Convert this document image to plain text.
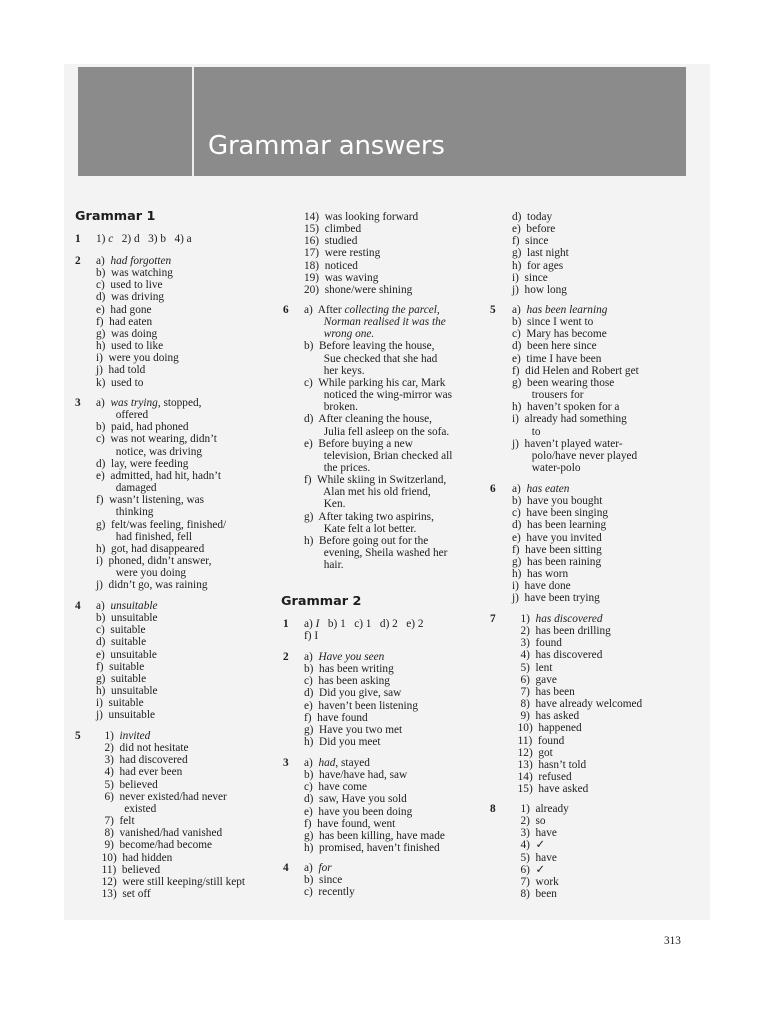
Grammar answers
Grammar 1
1 1) c   2) d   3) b   4) a
2 a)  had forgotten
b)  was watching
c)  used to live
d)  was driving
e)  had gone
f)  had eaten
g)  was doing
h)  used to like
i)  were you doing
j)  had told
k)  used to
3 a)  was trying, stopped,
offered
b)  paid, had phoned
c)  was not wearing, didn’t
notice, was driving
d)  lay, were feeding
e)  admitted, had hit, hadn’t
damaged
f)  wasn’t listening, was
thinking
g)  felt/was feeling, finished/
had finished, fell
h)  got, had disappeared
i)  phoned, didn’t answer,
were you doing
j)  didn’t go, was raining
4 a)  unsuitable
b)  unsuitable
c)  suitable
d)  suitable
e)  unsuitable
f)  suitable
g)  suitable
h)  unsuitable
i)  suitable
j)  unsuitable
5 1)  invited
2)  did not hesitate
3)  had discovered
4)  had ever been
5)  believed
6)  never existed/had never
existed
7)  felt
8)  vanished/had vanished
9)  become/had become
10)  had hidden
11)  believed
12)  were still keeping/still kept
13)  set off
Grammar 2
14)  was looking forward
15)  climbed
16)  studied
17)  were resting
18)  noticed
19)  was waving
20)  shone/were shining
6 a)  After collecting the parcel,
Norman realised it was the
wrong one.
b)  Before leaving the house,
Sue checked that she had
her keys.
c)  While parking his car, Mark
noticed the wing-mirror was
broken.
d)  After cleaning the house,
Julia fell asleep on the sofa.
e)  Before buying a new
television, Brian checked all
the prices.
f)  While skiing in Switzerland,
Alan met his old friend,
Ken.
g)  After taking two aspirins,
Kate felt a lot better.
h)  Before going out for the
evening, Sheila washed her
hair.
1 a) I   b) 1   c) 1   d) 2   e) 2
f) I
2 a)  Have you seen
b)  has been writing
c)  has been asking
d)  Did you give, saw
e)  haven’t been listening
f)  have found
g)  Have you two met
h)  Did you meet
3 a)  had, stayed
b)  have/have had, saw
c)  have come
d)  saw, Have you sold
e)  have you been doing
f)  have found, went
g)  has been killing, have made
h)  promised, haven’t finished
4 a)  for
b)  since
c)  recently
d)  today
e)  before
f)  since
g)  last night
h)  for ages
i)  since
j)  how long
5 a)  has been learning
b)  since I went to
c)  Mary has become
d)  been here since
e)  time I have been
f)  did Helen and Robert get
g)  been wearing those
trousers for
h)  haven’t spoken for a
i)  already had something
to
j)  haven’t played water-
polo/have never played
water-polo
6 a)  has eaten
b)  have you bought
c)  have been singing
d)  has been learning
e)  have you invited
f)  have been sitting
g)  has been raining
h)  has worn
i)  have done
j)  have been trying
7 1)  has discovered
2)  has been drilling
3)  found
4)  has discovered
5)  lent
6)  gave
7)  has been
8)  have already welcomed
9)  has asked
10)  happened
11)  found
12)  got
13)  hasn’t told
14)  refused
15)  have asked
8 1)  already
2)  so
3)  have
4)  ✓
5)  have
6)  ✓
7)  work
8)  been
313
